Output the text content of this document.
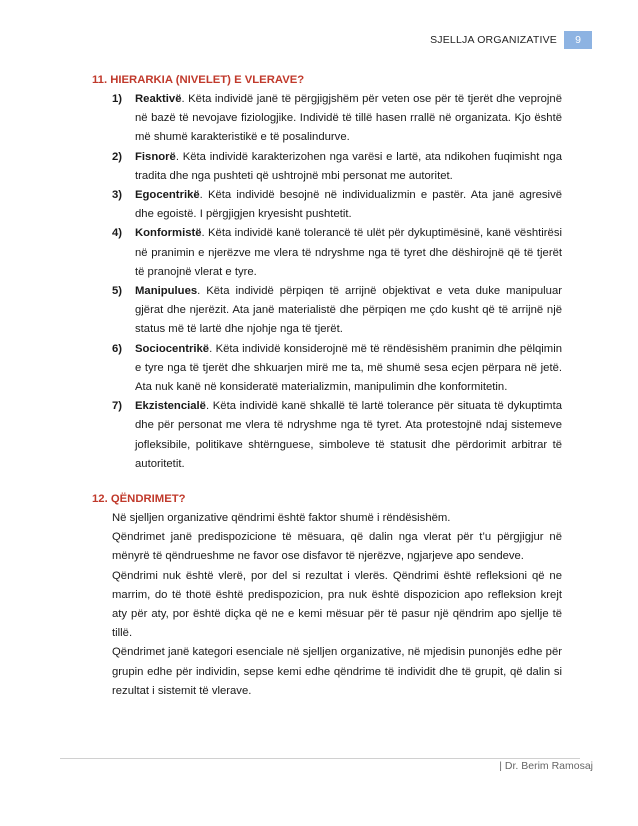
SJELLJA ORGANIZATIVE	9
11. HIERARKIA (NIVELET) E VLERAVE?
1) Reaktivë. Këta individë janë të përgjigjshëm për veten ose për të tjerët dhe veprojnë në bazë të nevojave fiziologjike. Individë të tillë hasen rrallë në organizata. Kjo është më shumë karakteristikë e të posalindurve.
2) Fisnorë. Këta individë karakterizohen nga varësi e lartë, ata ndikohen fuqimisht nga tradita dhe nga pushteti që ushtrojnë mbi personat me autoritet.
3) Egocentrikë. Këta individë besojnë në individualizmin e pastër. Ata janë agresivë dhe egoistë. I përgjigjen kryesisht pushtetit.
4) Konformistë. Këta individë kanë tolerancë të ulët për dykuptimësinë, kanë vështirësi në pranimin e njerëzve me vlera të ndryshme nga të tyret dhe dëshirojnë që të tjerët të pranojnë vlerat e tyre.
5) Manipulues. Këta individë përpiqen të arrijnë objektivat e veta duke manipuluar gjërat dhe njerëzit. Ata janë materialistë dhe përpiqen me çdo kusht që të arrijnë një status më të lartë dhe njohje nga të tjerët.
6) Sociocentrikë. Këta individë konsiderojnë më të rëndësishëm pranimin dhe pëlqimin e tyre nga të tjerët dhe shkuarjen mirë me ta, më shumë sesa ecjen përpara në jetë. Ata nuk kanë në konsideratë materializmin, manipulimin dhe konformitetin.
7) Ekzistencialë. Këta individë kanë shkallë të lartë tolerance për situata të dykuptimta dhe për personat me vlera të ndryshme nga të tyret. Ata protestojnë ndaj sistemeve jofleksibile, politikave shtërnguese, simboleve të statusit dhe përdorimit arbitrar të autoritetit.
12. QËNDRIMET?

Në sjelljen organizative qëndrimi është faktor shumë i rëndësishëm.

Qëndrimet janë predispozicione të mësuara, që dalin nga vlerat për t’u përgjigjur në mënyrë të qëndrueshme ne favor ose disfavor të njerëzve, ngjarjeve apo sendeve.

Qëndrimi nuk është vlerë, por del si rezultat i vlerës. Qëndrimi është refleksioni që ne marrim, do të thotë është predispozicion, pra nuk është dispozicion apo refleksion krejt aty për aty, por është diçka që ne e kemi mësuar për të pasur një qëndrim apo sjellje të tillë.

Qëndrimet janë kategori esenciale në sjelljen organizative, në mjedisin punonjës edhe për grupin edhe për individin, sepse kemi edhe qëndrime të individit dhe të grupit, që dalin si rezultat i sistemit të vlerave.

| Dr. Berim Ramosaj
